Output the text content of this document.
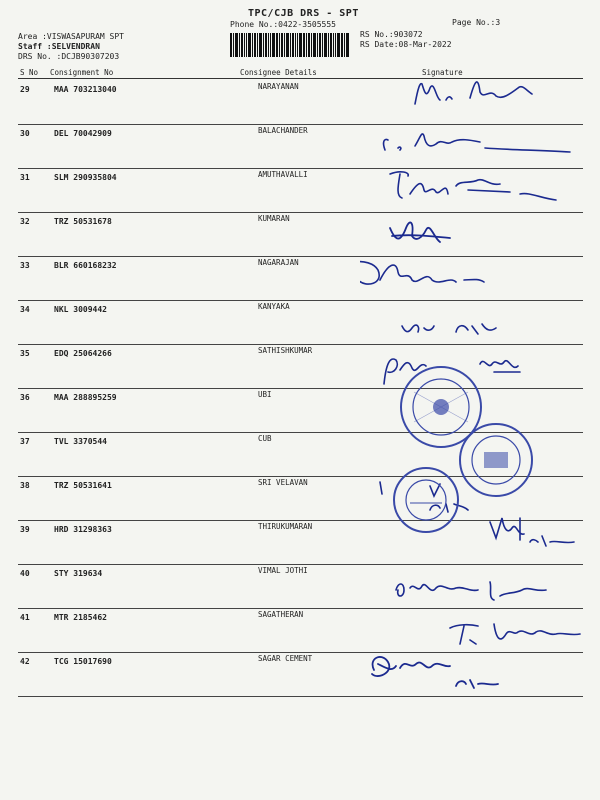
TPC/CJB DRS - SPT
Phone No.:0422-3505555	Page No.:3
RS No.:903072
RS Date:08-Mar-2022
Area :VISWASAPURAM SPT
Staff :SELVENDRAN
DRS No. :DCJB90307203
S No Consignment No	Consignee Details	Signature
29	MAA 703213040	NARAYANAN
30	DEL 70042909	BALACHANDER
31	SLM 290935804	AMUTHAVALLI
32	TRZ 50531678	KUMARAN
33	BLR 660168232	NAGARAJAN
34	NKL 3009442	KANYAKA
35	EDQ 25064266	SATHISHKUMAR
36	MAA 288895259	UBI
37	TVL 3370544	CUB
38	TRZ 50531641	SRI VELAVAN
39	HRD 31298363	THIRUKUMARAN
40	STY 319634	VIMAL JOTHI
41	MTR 2185462	SAGATHERAN
42	TCG 15017690	SAGAR CEMENT
